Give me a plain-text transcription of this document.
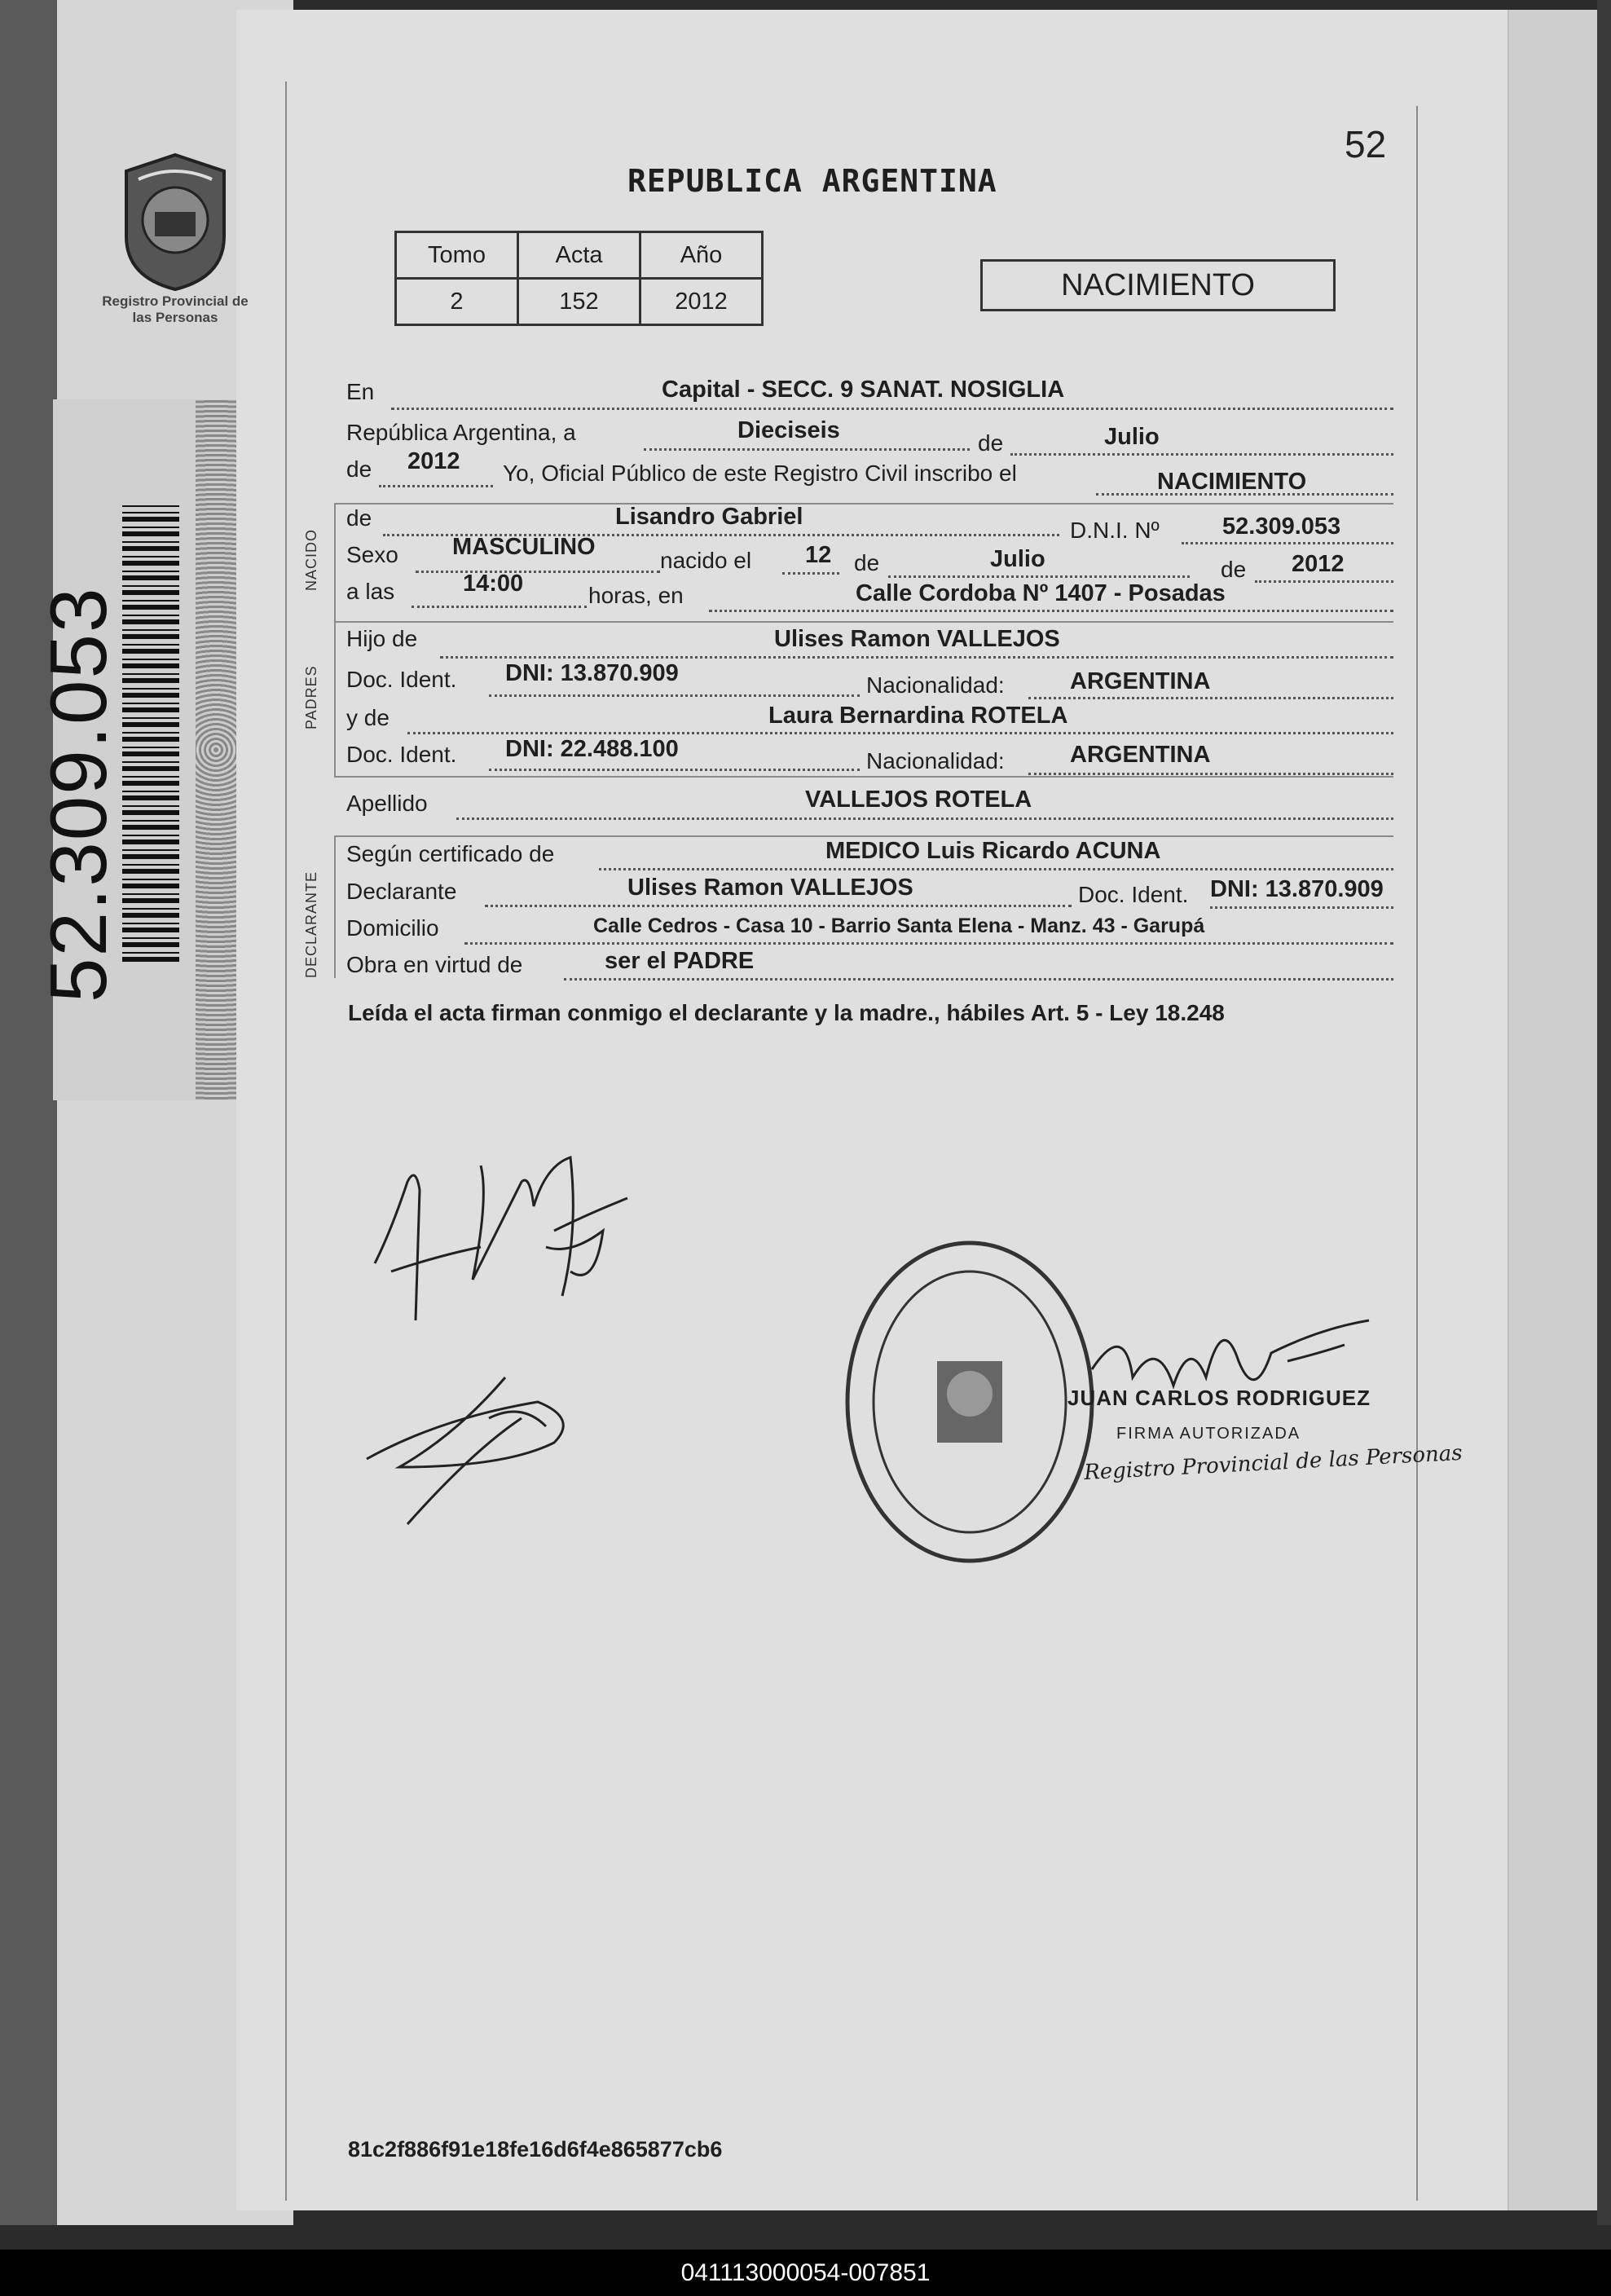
Registro Provincial de las Personas
52
REPUBLICA ARGENTINA
Tomo	Acta	Año
2	152	2012	NACIMIENTO
En	Capital - SECC. 9 SANAT. NOSIGLIA
República Argentina, a	Dieciseis	de	Julio
de 2012 Yo, Oficial Público de este Registro Civil inscribo el	NACIMIENTO
NACIDO
de	Lisandro Gabriel
D.N.I. Nº	52.309.053
Sexo MASCULINO
nacido el 12 de	Julio	de 2012
a las	14:00	horas, en	Calle Cordoba Nº 1407 - Posadas
PADRES
Hijo de	Ulises Ramon VALLEJOS
Doc. Ident. DNI: 13.870.909	Nacionalidad:	ARGENTINA
y de	Laura Bernardina ROTELA
Doc. Ident. DNI: 22.488.100	Nacionalidad:	ARGENTINA
Apellido	VALLEJOS ROTELA
DECLARANTE
Según certificado de	MEDICO Luis Ricardo ACUNA
Declarante	Ulises Ramon VALLEJOS	Doc. Ident. DNI: 13.870.909
Domicilio	Calle Cedros - Casa 10 - Barrio Santa Elena - Manz. 43 - Garupá
Obra en virtud de	ser el PADRE
Leída el acta firman conmigo el declarante y la madre., hábiles Art. 5 - Ley 18.248
JUAN CARLOS RODRIGUEZ
FIRMA AUTORIZADA
Registro Provincial de las Personas
81c2f886f91e18fe16d6f4e865877cb6
041113000054-007851
